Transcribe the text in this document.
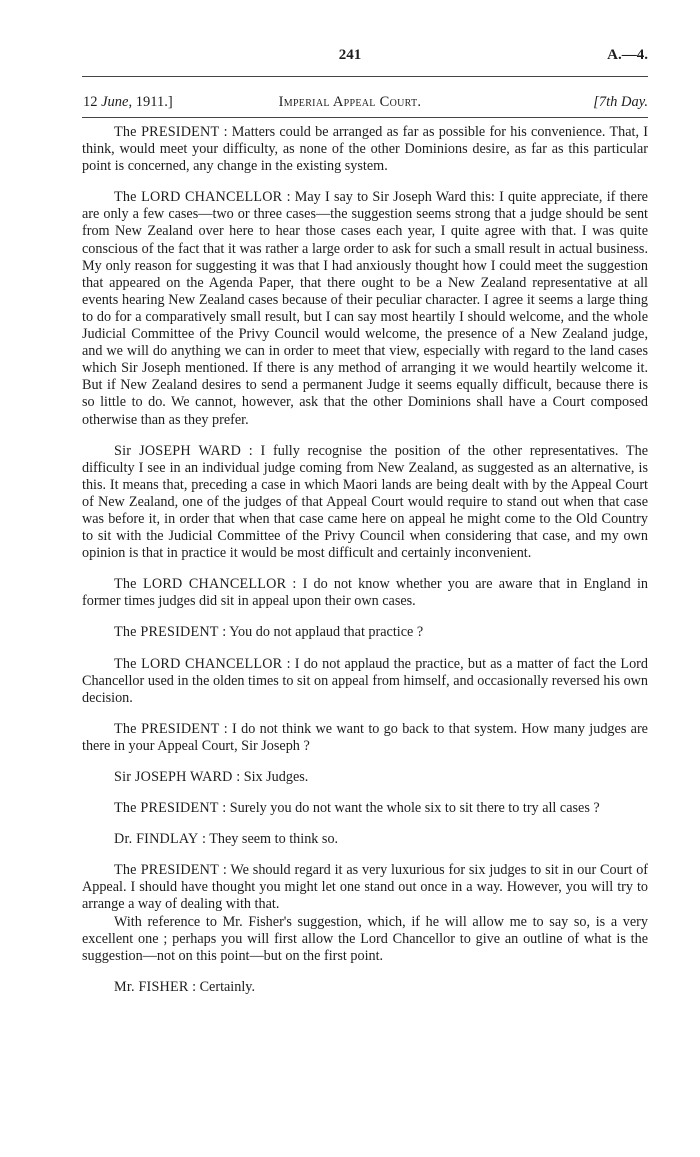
241	A.—4.
12 June, 1911.]	Imperial Appeal Court.	[7th Day.

The PRESIDENT : Matters could be arranged as far as possible for his convenience. That, I think, would meet your difficulty, as none of the other Dominions desire, as far as this particular point is concerned, any change in the existing system.

The LORD CHANCELLOR : May I say to Sir Joseph Ward this: I quite appreciate, if there are only a few cases—two or three cases—the suggestion seems strong that a judge should be sent from New Zealand over here to hear those cases each year, I quite agree with that. I was quite conscious of the fact that it was rather a large order to ask for such a small result in actual business. My only reason for suggesting it was that I had anxiously thought how I could meet the suggestion that appeared on the Agenda Paper, that there ought to be a New Zealand representative at all events hearing New Zealand cases because of their peculiar character. I agree it seems a large thing to do for a comparatively small result, but I can say most heartily I should welcome, and the whole Judicial Committee of the Privy Council would welcome, the presence of a New Zealand judge, and we will do anything we can in order to meet that view, especially with regard to the land cases which Sir Joseph mentioned. If there is any method of arranging it we would heartily welcome it. But if New Zealand desires to send a permanent Judge it seems equally difficult, because there is so little to do. We cannot, however, ask that the other Dominions shall have a Court composed otherwise than as they prefer.

Sir JOSEPH WARD : I fully recognise the position of the other representatives. The difficulty I see in an individual judge coming from New Zealand, as suggested as an alternative, is this. It means that, preceding a case in which Maori lands are being dealt with by the Appeal Court of New Zealand, one of the judges of that Appeal Court would require to stand out when that case was before it, in order that when that case came here on appeal he might come to the Old Country to sit with the Judicial Committee of the Privy Council when considering that case, and my own opinion is that in practice it would be most difficult and certainly inconvenient.

The LORD CHANCELLOR : I do not know whether you are aware that in England in former times judges did sit in appeal upon their own cases.

The PRESIDENT : You do not applaud that practice ?

The LORD CHANCELLOR : I do not applaud the practice, but as a matter of fact the Lord Chancellor used in the olden times to sit on appeal from himself, and occasionally reversed his own decision.

The PRESIDENT : I do not think we want to go back to that system. How many judges are there in your Appeal Court, Sir Joseph ?

Sir JOSEPH WARD : Six Judges.

The PRESIDENT : Surely you do not want the whole six to sit there to try all cases ?

Dr. FINDLAY : They seem to think so.

The PRESIDENT : We should regard it as very luxurious for six judges to sit in our Court of Appeal. I should have thought you might let one stand out once in a way. However, you will try to arrange a way of dealing with that.

With reference to Mr. Fisher's suggestion, which, if he will allow me to say so, is a very excellent one ; perhaps you will first allow the Lord Chancellor to give an outline of what is the suggestion—not on this point—but on the first point.

Mr. FISHER : Certainly.
